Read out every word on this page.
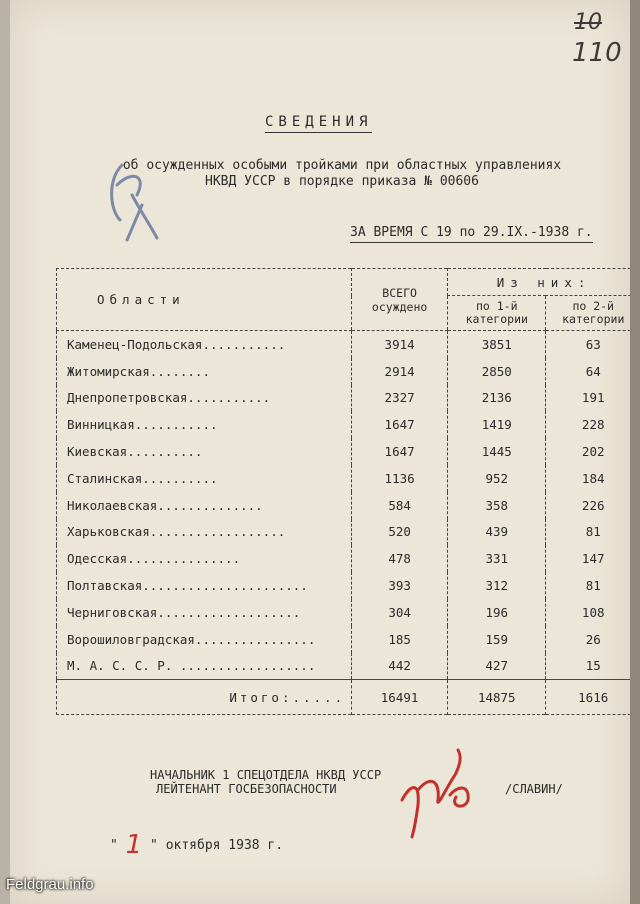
10
110
СВЕДЕНИЯ
об осужденных особыми тройками при областных управлениях
НКВД УССР в порядке приказа № 00606
ЗА ВРЕМЯ С 19 по 29.IX.-1938 г.
Области	ВСЕГО осуждено	Из них:	
		по 1-й категории	по 2-й категории
Каменец-Подольская...........	3914	3851	63
Житомирская........	2914	2850	64
Днепропетровская...........	2327	2136	191
Винницкая...........	1647	1419	228
Киевская..........	1647	1445	202
Сталинская..........	1136	952	184
Николаевская..............	584	358	226
Харьковская..................	520	439	81
Одесская...............	478	331	147
Полтавская......................	393	312	81
Черниговская...................	304	196	108
Ворошиловградская................	185	159	26
М. А. С. С. Р. ..................	442	427	15
Итого:.....	16491	14875	1616
НАЧАЛЬНИК 1 СПЕЦОТДЕЛА НКВД УССР
ЛЕЙТЕНАНТ ГОСБЕЗОПАСНОСТИ	/СЛАВИН/
" 1 " октября 1938 г.
Feldgrau.info
